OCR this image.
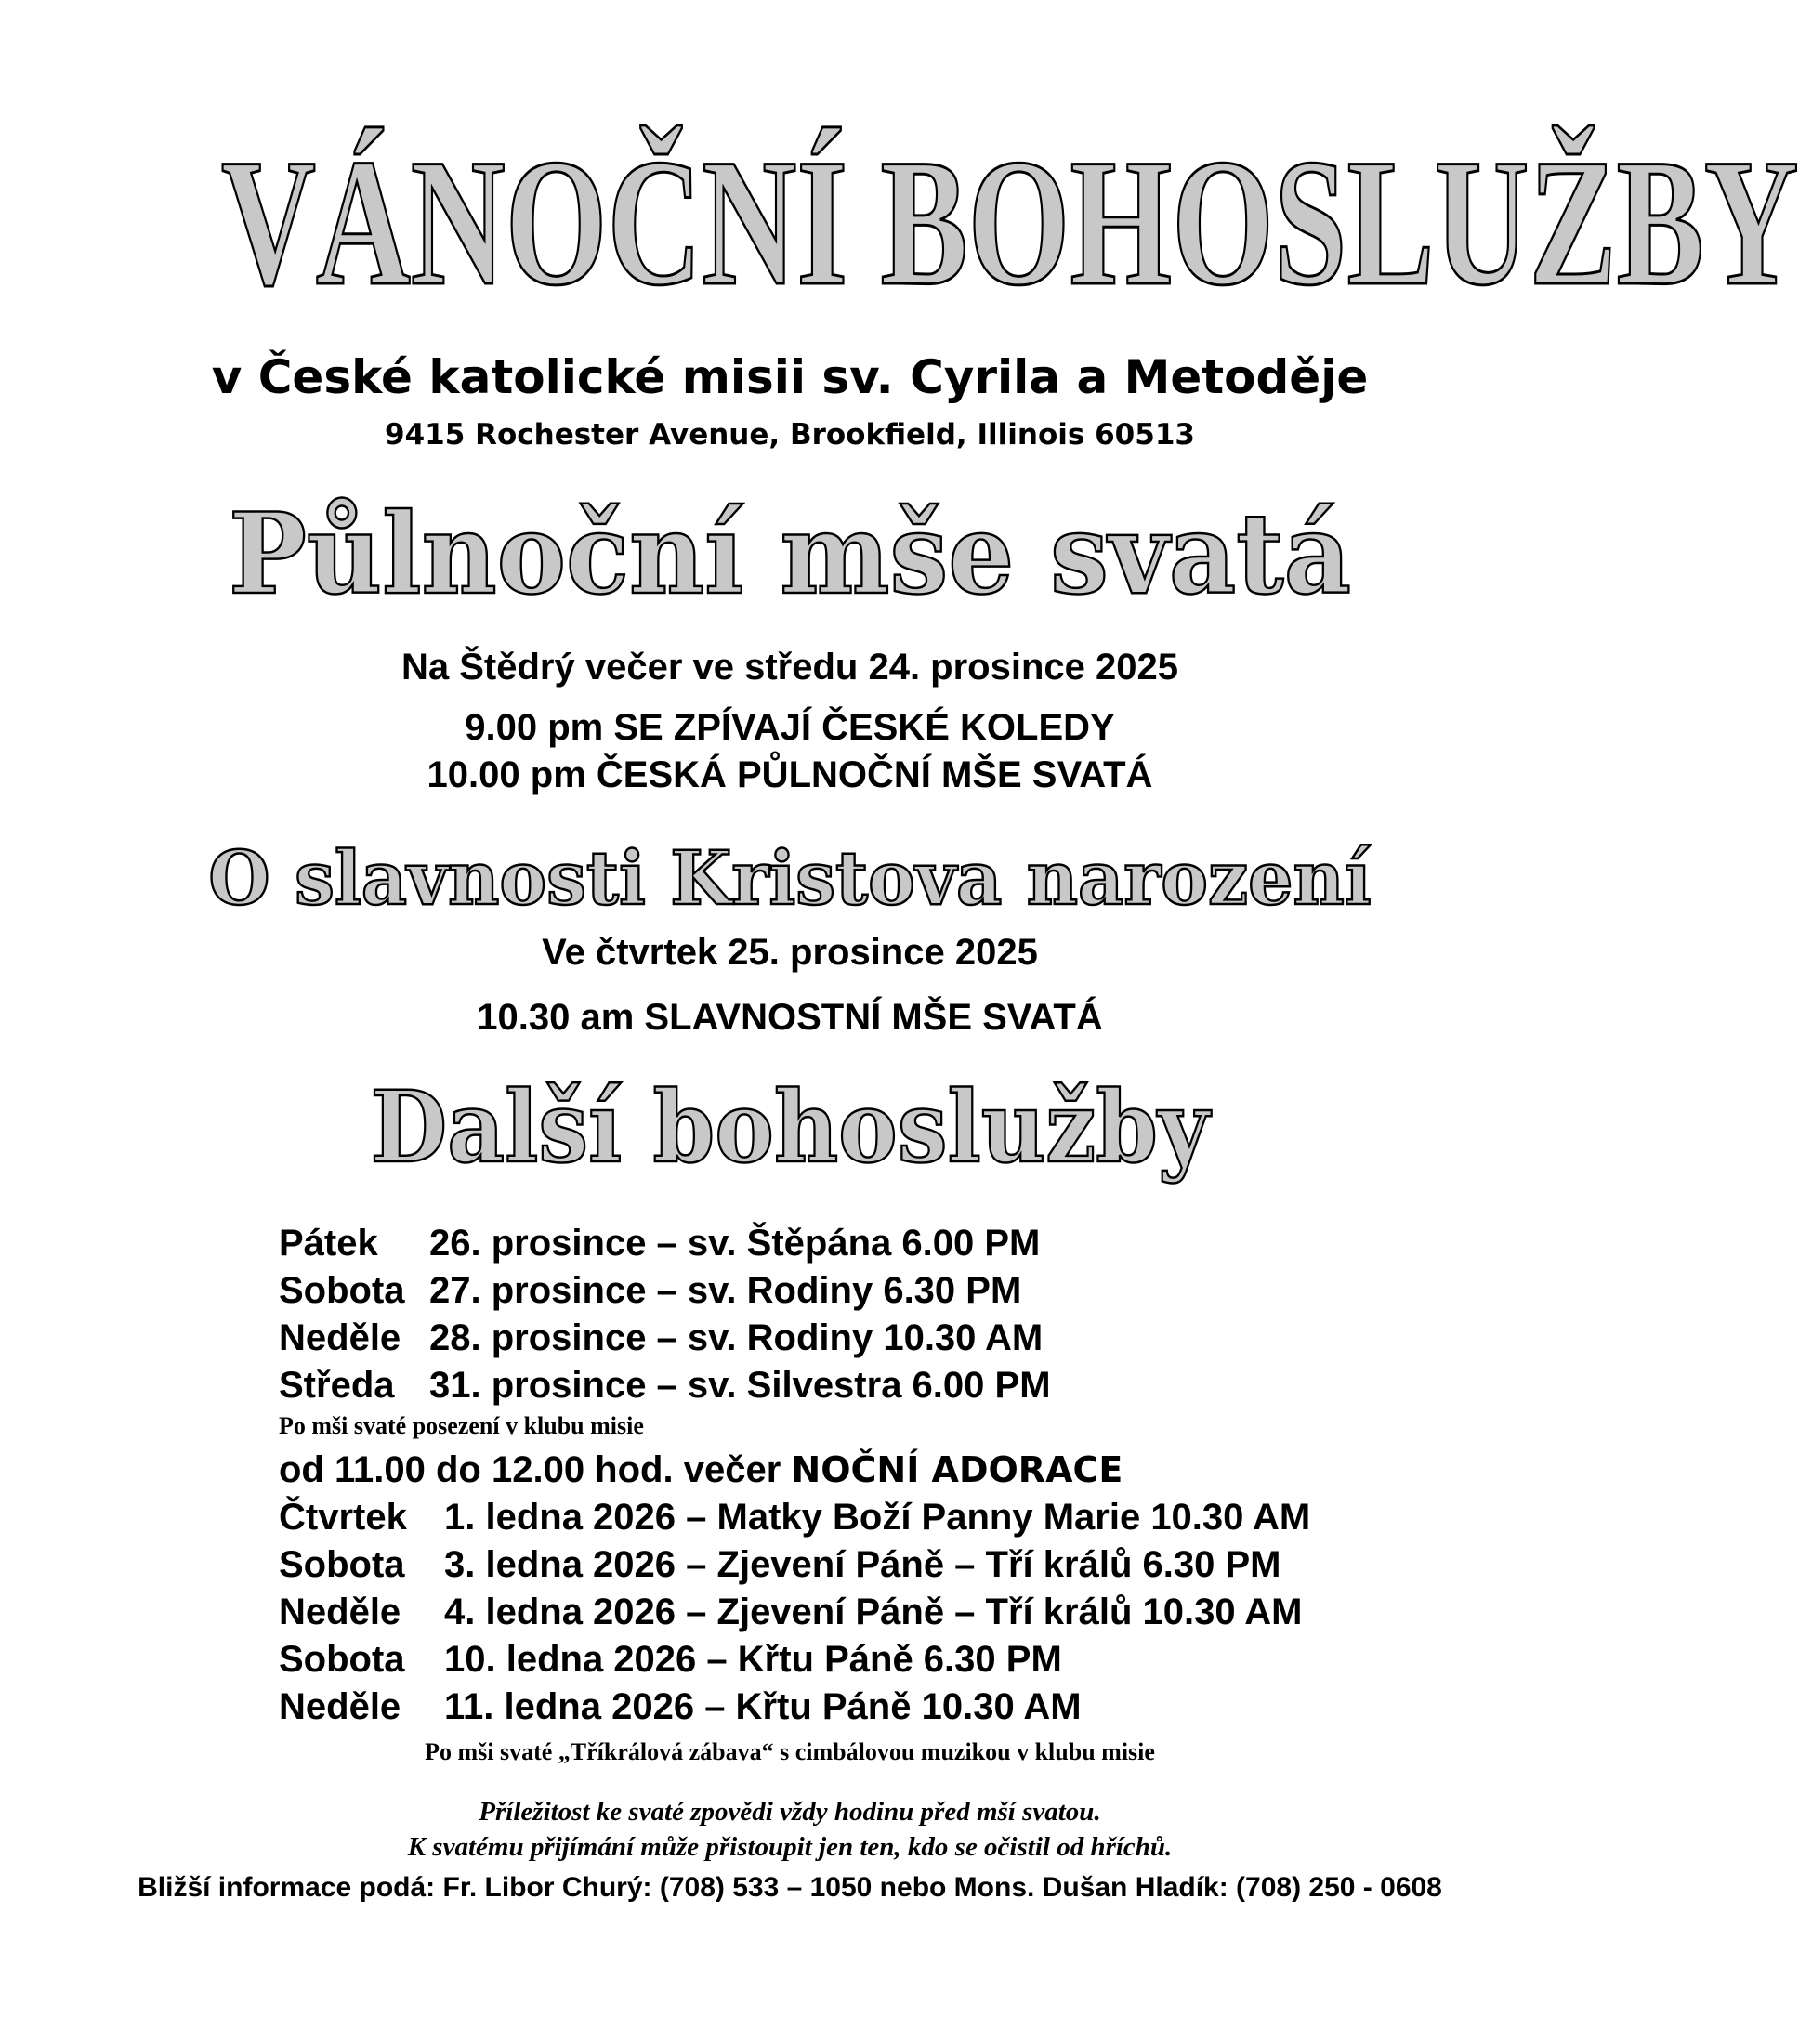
VÁNOČNÍ BOHOSLUŽBY
v České katolické misii sv. Cyrila a Metoděje
9415 Rochester Avenue, Brookfield, Illinois 60513
Půlnoční mše svatá
Na Štědrý večer ve středu 24. prosince 2025
9.00 pm SE ZPÍVAJÍ ČESKÉ KOLEDY
10.00 pm ČESKÁ PŮLNOČNÍ MŠE SVATÁ
O slavnosti Kristova narození
Ve čtvrtek 25. prosince 2025
10.30 am SLAVNOSTNÍ MŠE SVATÁ
Další bohoslužby
Pátek 26. prosince – sv. Štěpána 6.00 PM
Sobota 27. prosince – sv. Rodiny 6.30 PM
Neděle 28. prosince – sv. Rodiny 10.30 AM
Středa 31. prosince – sv. Silvestra 6.00 PM
Po mši svaté posezení v klubu misie
od 11.00 do 12.00 hod. večer NOČNÍ ADORACE
Čtvrtek 1. ledna 2026 – Matky Boží Panny Marie 10.30 AM
Sobota 3. ledna 2026 – Zjevení Páně – Tří králů 6.30 PM
Neděle 4. ledna 2026 – Zjevení Páně – Tří králů 10.30 AM
Sobota 10. ledna 2026 – Křtu Páně 6.30 PM
Neděle 11. ledna 2026 – Křtu Páně 10.30 AM
Po mši svaté „Tříkrálová zábava“ s cimbálovou muzikou v klubu misie
Příležitost ke svaté zpovědi vždy hodinu před mší svatou.
K svatému přijímání může přistoupit jen ten, kdo se očistil od hříchů.
Bližší informace podá: Fr. Libor Churý: (708) 533 – 1050 nebo Mons. Dušan Hladík: (708) 250 - 0608
